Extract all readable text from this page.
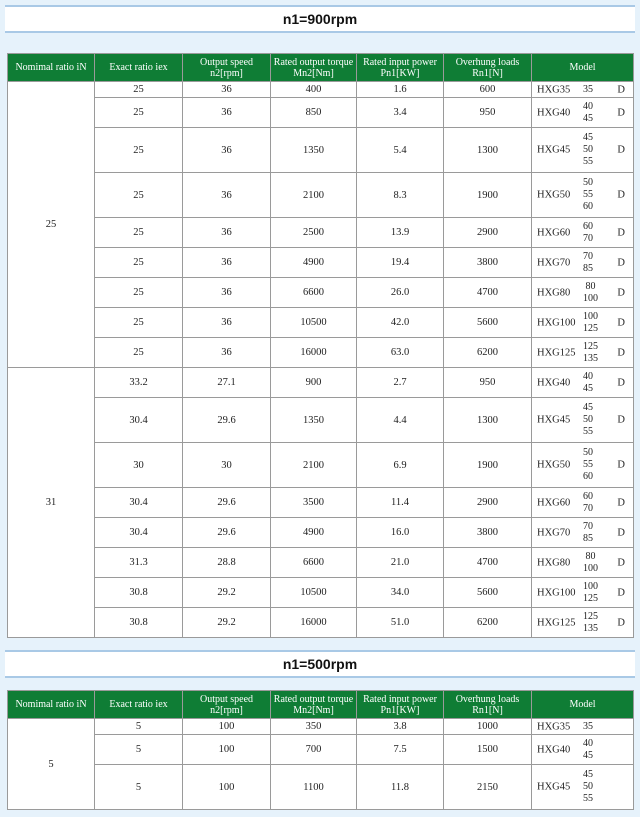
n1=900rpm
Nomimal ratio iN	Exact ratio iex	Output speed n2[rpm]	Rated output torque Mn2[Nm]	Rated input power Pn1[KW]	Overhung loads Rn1[N]	Model
25	25	36	400	1.6	600	HXG35 35 D

	25	36	850	3.4	950	HXG40
40
45 D

	25	36	1350	5.4	1300	HXG45
45
50
55
D

	25	36	2100	8.3	1900	HXG50
50
55
60
D

	25	36	2500	13.9	2900	HXG60
60
70 D

	25	36	4900	19.4	3800	HXG70
70
85 D

	25	36	6600	26.0	4700	HXG80
80
100 D

	25	36	10500	42.0	5600	HXG100
100
125 D

	25	36	16000	63.0	6200	HXG125
125
135 D

31	33.2	27.1	900	2.7	950	HXG40
40
45 D

	30.4	29.6	1350	4.4	1300	HXG45
45
50
55
D

	30	30	2100	6.9	1900	HXG50
50
55
60
D

	30.4	29.6	3500	11.4	2900	HXG60
60
70 D

	30.4	29.6	4900	16.0	3800	HXG70
70
85 D

	31.3	28.8	6600	21.0	4700	HXG80
80
100 D

	30.8	29.2	10500	34.0	5600	HXG100
100
125 D

	30.8	29.2	16000	51.0	6200	HXG125
125
135 D
n1=500rpm
Nomimal ratio iN	Exact ratio iex	Output speed n2[rpm]	Rated output torque Mn2[Nm]	Rated input power Pn1[KW]	Overhung loads Rn1[N]	Model
5	5	100	350	3.8	1000	HXG35 35

	5	100	700	7.5	1500	HXG40
40
45

	5	100	1100	11.8	2150	HXG45
45
50
55
